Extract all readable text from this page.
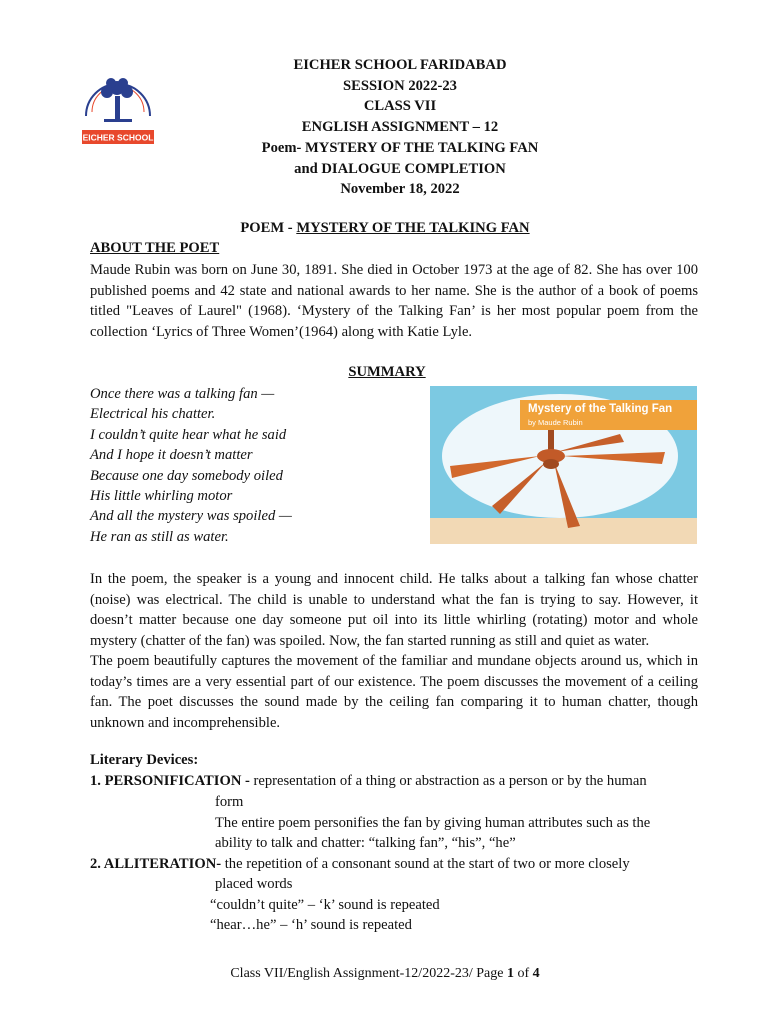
EICHER SCHOOL
EICHER SCHOOL FARIDABAD
SESSION 2022-23
CLASS VII
ENGLISH ASSIGNMENT – 12
Poem- MYSTERY OF THE TALKING FAN
and DIALOGUE COMPLETION
November 18, 2022
POEM - MYSTERY OF THE TALKING FAN
ABOUT THE POET
Maude Rubin was born on June 30, 1891. She died in October 1973 at the age of 82. She has over 100 published poems and 42 state and national awards to her name. She is the author of a book of poems titled "Leaves of Laurel" (1968). ‘Mystery of the Talking Fan’ is her most popular poem from the collection ‘Lyrics of Three Women’(1964) along with Katie Lyle.
SUMMARY
Once there was a talking fan —
Electrical his chatter.
I couldn’t quite hear what he said
And I hope it doesn’t matter
Because one day somebody oiled
His little whirling motor
And all the mystery was spoiled —
He ran as still as water.
Mystery of the Talking Fan
by Maude Rubin

In the poem, the speaker is a young and innocent child. He talks about a talking fan whose chatter (noise) was electrical. The child is unable to understand what the fan is trying to say. However, it doesn’t matter because one day someone put oil into its little whirling (rotating) motor and whole mystery (chatter of the fan) was spoiled. Now, the fan started running as still and quiet as water.

The poem beautifully captures the movement of the familiar and mundane objects around us, which in today’s times are a very essential part of our existence. The poem discusses the movement of a ceiling fan. The poet discusses the sound made by the ceiling fan comparing it to human chatter, though unknown and incomprehensible.

Literary Devices:
1. PERSONIFICATION - representation of a thing or abstraction as a person or by the human
form
The entire poem personifies the fan by giving human attributes such as the
ability to talk and chatter: “talking fan”, “his”, “he”
2. ALLITERATION- the repetition of a consonant sound at the start of two or more closely
placed words
“couldn’t quite” – ‘k’ sound is repeated
“hear…he” – ‘h’ sound is repeated
Class VII/English Assignment-12/2022-23/ Page 1 of 4
